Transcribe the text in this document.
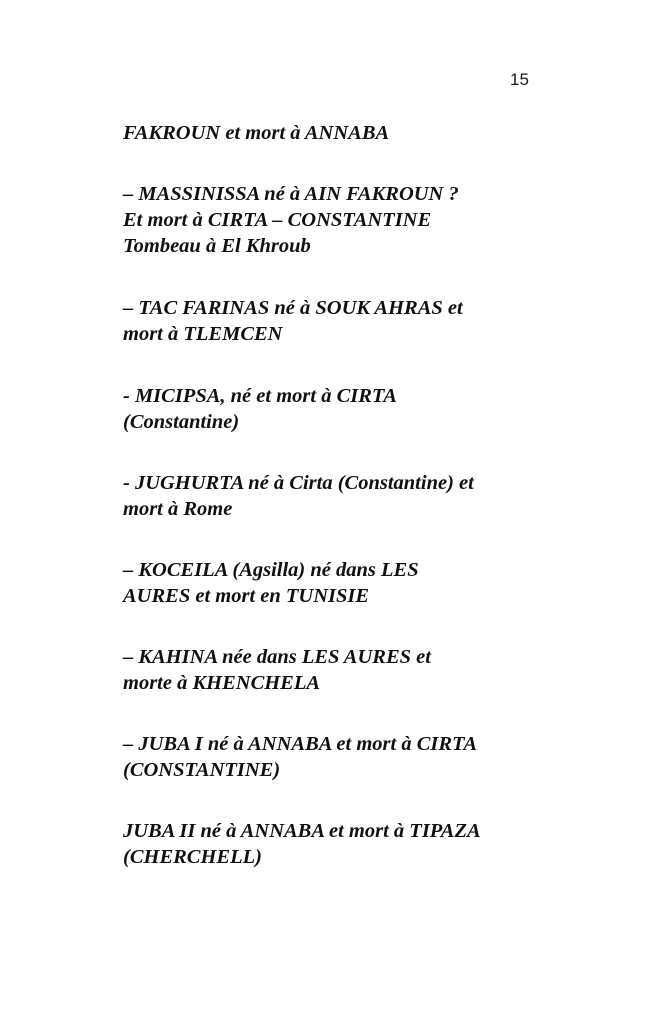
15

FAKROUN et mort à ANNABA

– MASSINISSA né à AIN FAKROUN ?
Et mort à CIRTA – CONSTANTINE
Tombeau à El Khroub

– TAC FARINAS né à SOUK AHRAS et
mort à TLEMCEN

- MICIPSA, né et mort à CIRTA
(Constantine)

- JUGHURTA né à Cirta (Constantine) et
mort à Rome

– KOCEILA (Agsilla) né dans LES
AURES et mort en TUNISIE

– KAHINA née dans LES AURES et
morte à KHENCHELA

– JUBA I né à ANNABA et mort à CIRTA
(CONSTANTINE)

JUBA II né à ANNABA et mort à TIPAZA
(CHERCHELL)
